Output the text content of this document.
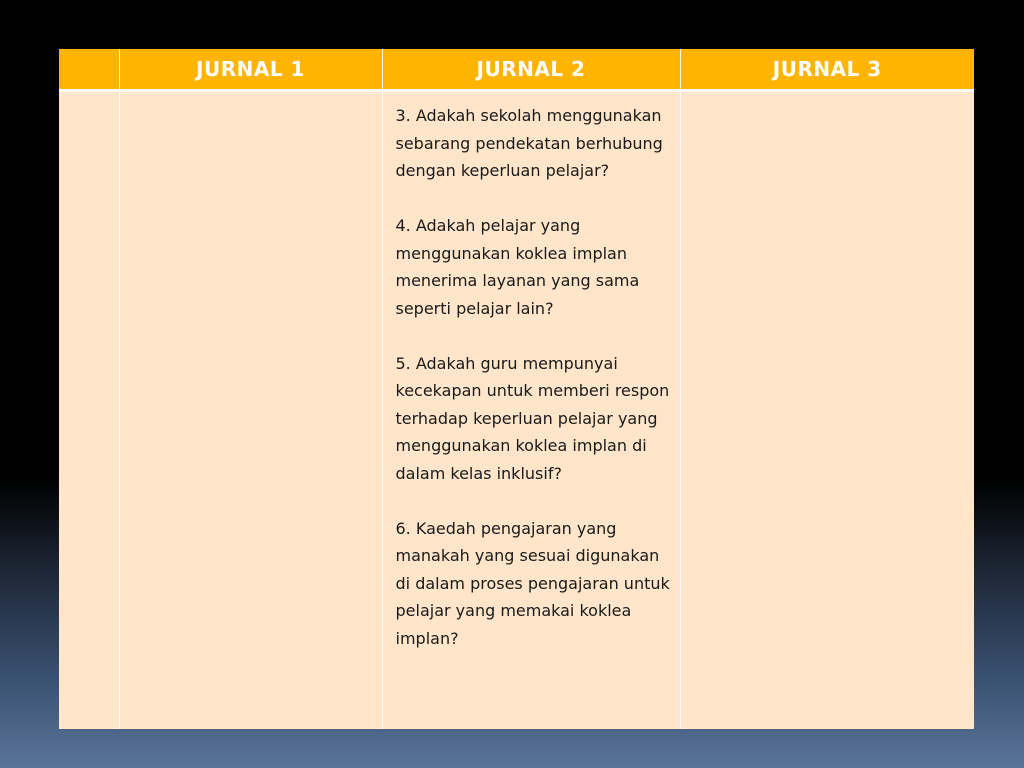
	JURNAL 1	JURNAL 2	JURNAL 3

		3. Adakah sekolah menggunakan sebarang pendekatan berhubung dengan keperluan pelajar?

4. Adakah pelajar yang menggunakan koklea implan menerima layanan yang sama seperti pelajar lain?

5. Adakah guru mempunyai kecekapan untuk memberi respon terhadap keperluan pelajar yang menggunakan koklea implan di dalam kelas inklusif?

6. Kaedah pengajaran yang manakah yang sesuai digunakan di dalam proses pengajaran untuk pelajar yang memakai koklea implan?	
